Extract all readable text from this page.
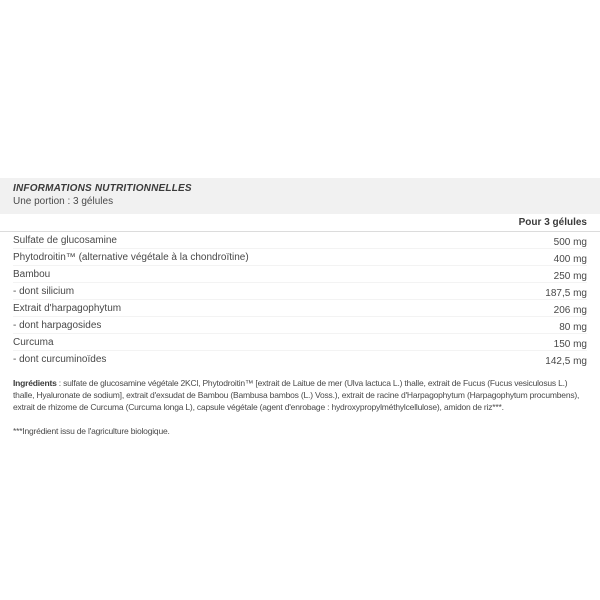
INFORMATIONS NUTRITIONNELLES
Une portion : 3 gélules
Pour 3 gélules
Sulfate de glucosamine	500 mg
Phytodroitin™ (alternative végétale à la chondroïtine)	400 mg
Bambou	250 mg
- dont silicium	187,5 mg
Extrait d'harpagophytum	206 mg
- dont harpagosides	80 mg
Curcuma	150 mg
- dont curcuminoïdes	142,5 mg

Ingrédients : sulfate de glucosamine végétale 2KCl, Phytodroitin™ [extrait de Laitue de mer (Ulva lactuca L.) thalle, extrait de Fucus (Fucus vesiculosus L.) thalle, Hyaluronate de sodium], extrait d'exsudat de Bambou (Bambusa bambos (L.) Voss.), extrait de racine d'Harpagophytum (Harpagophytum procumbens), extrait de rhizome de Curcuma (Curcuma longa L), capsule végétale (agent d'enrobage : hydroxypropylméthylcellulose), amidon de riz***.

***Ingrédient issu de l'agriculture biologique.
